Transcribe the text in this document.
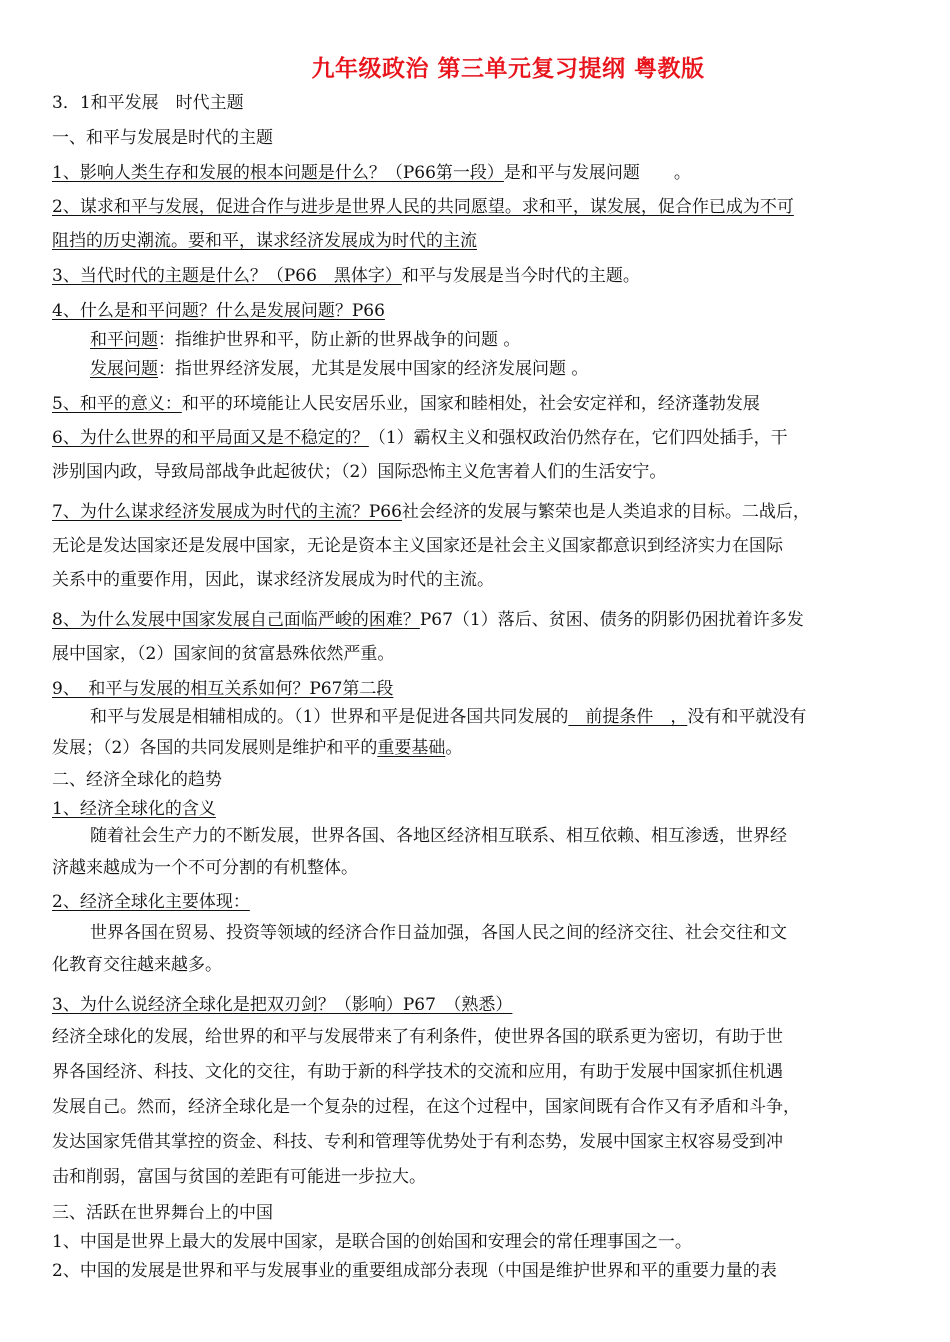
九年级政治 第三单元复习提纲 粤教版
3．1和平发展　时代主题
一、和平与发展是时代的主题
1、影响人类生存和发展的根本问题是什么？（P66第一段）是和平与发展问题　　。
2、谋求和平与发展，促进合作与进步是世界人民的共同愿望。求和平，谋发展，促合作已成为不可
阻挡的历史潮流。要和平，谋求经济发展成为时代的主流
3、当代时代的主题是什么？（P66　黑体字）和平与发展是当今时代的主题。
4、什么是和平问题？什么是发展问题？P66
和平问题：指维护世界和平，防止新的世界战争的问题 。
发展问题：指世界经济发展，尤其是发展中国家的经济发展问题 。
5、和平的意义：和平的环境能让人民安居乐业，国家和睦相处，社会安定祥和，经济蓬勃发展
6、为什么世界的和平局面又是不稳定的？（1）霸权主义和强权政治仍然存在，它们四处插手，干
涉别国内政，导致局部战争此起彼伏；（2）国际恐怖主义危害着人们的生活安宁。
7、为什么谋求经济发展成为时代的主流？P66社会经济的发展与繁荣也是人类追求的目标。二战后，
无论是发达国家还是发展中国家，无论是资本主义国家还是社会主义国家都意识到经济实力在国际
关系中的重要作用，因此，谋求经济发展成为时代的主流。
8、为什么发展中国家发展自己面临严峻的困难？P67（1）落后、贫困、债务的阴影仍困扰着许多发
展中国家，（2）国家间的贫富悬殊依然严重。
9、　和平与发展的相互关系如何？P67第二段
和平与发展是相辅相成的。（1）世界和平是促进各国共同发展的　前提条件　，没有和平就没有
发展；（2）各国的共同发展则是维护和平的重要基础。
二、经济全球化的趋势
1、经济全球化的含义
随着社会生产力的不断发展，世界各国、各地区经济相互联系、相互依赖、相互渗透，世界经
济越来越成为一个不可分割的有机整体。
2、经济全球化主要体现：
世界各国在贸易、投资等领域的经济合作日益加强，各国人民之间的经济交往、社会交往和文
化教育交往越来越多。
3、为什么说经济全球化是把双刃剑？（影响）P67　（熟悉）
经济全球化的发展，给世界的和平与发展带来了有利条件，使世界各国的联系更为密切，有助于世
界各国经济、科技、文化的交往，有助于新的科学技术的交流和应用，有助于发展中国家抓住机遇
发展自己。然而，经济全球化是一个复杂的过程，在这个过程中，国家间既有合作又有矛盾和斗争，
发达国家凭借其掌控的资金、科技、专利和管理等优势处于有利态势，发展中国家主权容易受到冲
击和削弱，富国与贫国的差距有可能进一步拉大。
三、活跃在世界舞台上的中国
1、中国是世界上最大的发展中国家，是联合国的创始国和安理会的常任理事国之一。
2、中国的发展是世界和平与发展事业的重要组成部分表现（中国是维护世界和平的重要力量的表
